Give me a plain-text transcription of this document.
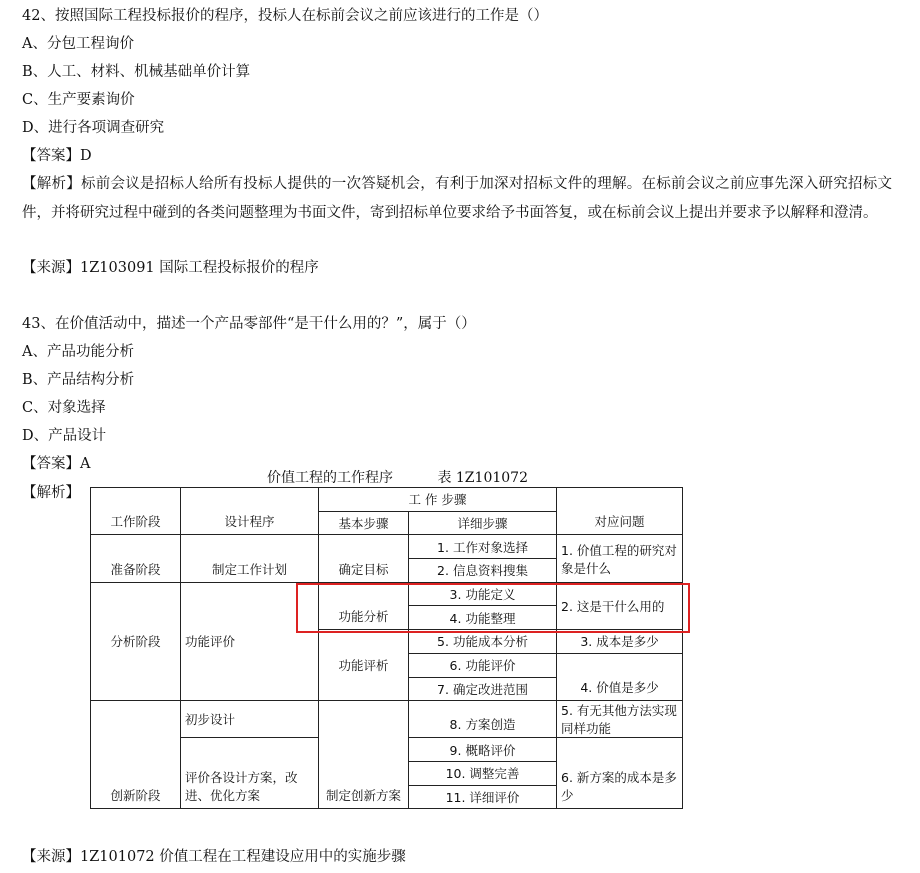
42、按照国际工程投标报价的程序，投标人在标前会议之前应该进行的工作是（）
A、分包工程询价
B、人工、材料、机械基础单价计算
C、生产要素询价
D、进行各项调查研究
【答案】D
【解析】标前会议是招标人给所有投标人提供的一次答疑机会，有利于加深对招标文件的理解。在标前会议之前应事先深入研究招标文件，并将研究过程中碰到的各类问题整理为书面文件，寄到招标单位要求给予书面答复，或在标前会议上提出并要求予以解释和澄清。
【来源】1Z103091 国际工程投标报价的程序
43、在价值活动中，描述一个产品零部件“是干什么用的？”，属于（）
A、产品功能分析
B、产品结构分析
C、对象选择
D、产品设计
【答案】A
【解析】
价值工程的工作程序	表 1Z101072
工作阶段	设计程序	工 作 步骤		对应问题
		基本步骤	详细步骤	
准备阶段	制定工作计划	确定目标	1. 工作对象选择	1. 价值工程的研究对象是什么
			2. 信息资料搜集	
分析阶段	功能评价	功能分析	3. 功能定义	2. 这是干什么用的
			4. 功能整理	
		功能评析	5. 功能成本分析	3. 成本是多少
			6. 功能评价	4. 价值是多少
			7. 确定改进范围	
创新阶段	初步设计	制定创新方案	8. 方案创造	5. 有无其他方法实现同样功能

	评价各设计方案，改进、优化方案		9. 概略评价	6. 新方案的成本是多少
			10. 调整完善	
			11. 详细评价	
【来源】1Z101072 价值工程在工程建设应用中的实施步骤
